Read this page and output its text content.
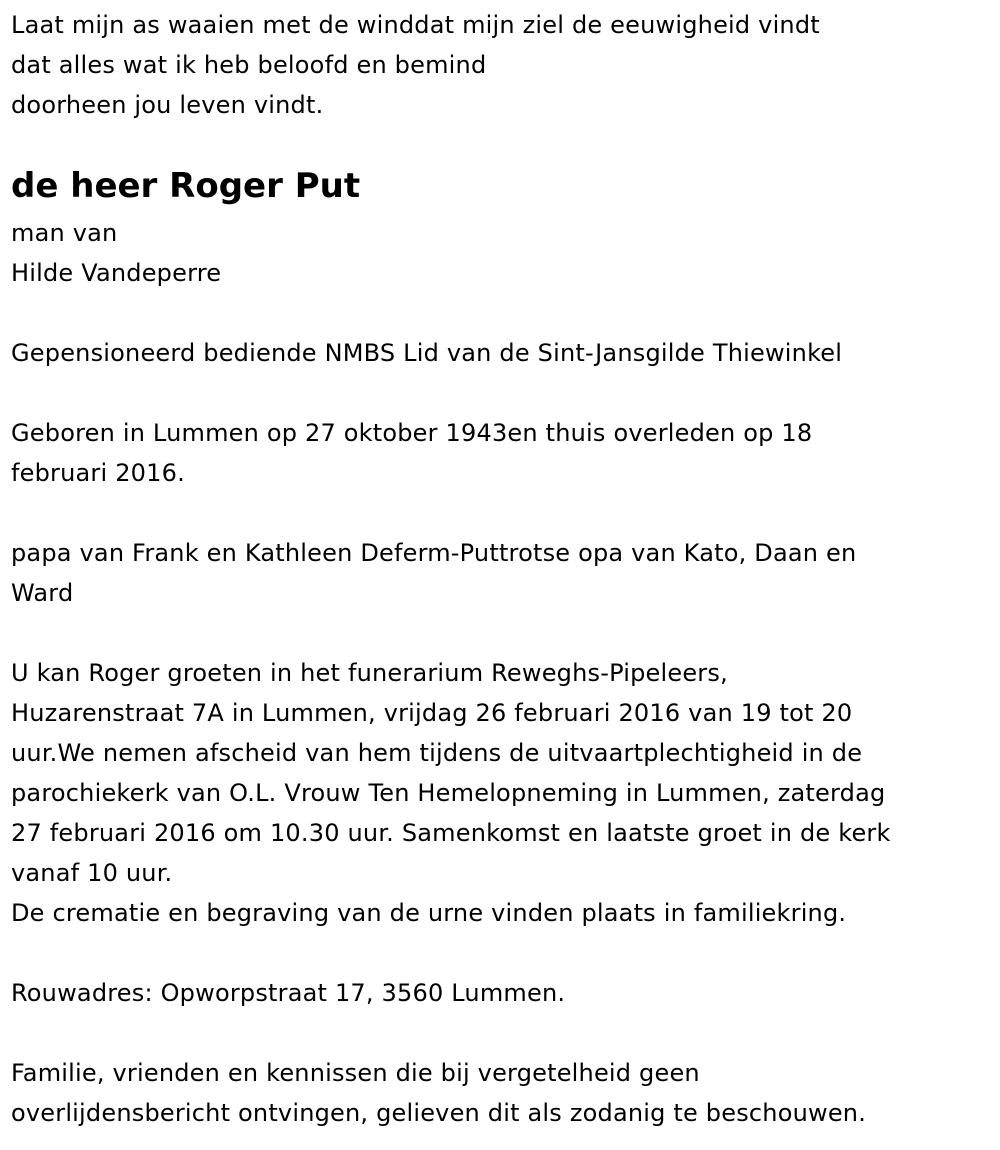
Laat mijn as waaien met de winddat mijn ziel de eeuwigheid vindt
dat alles wat ik heb beloofd en bemind
doorheen jou leven vindt.
de heer Roger Put
man van
Hilde Vandeperre
Gepensioneerd bediende NMBS Lid van de Sint-Jansgilde Thiewinkel
Geboren in Lummen op 27 oktober 1943en thuis overleden op 18
februari 2016.
papa van Frank en Kathleen Deferm-Puttrotse opa van Kato, Daan en
Ward
U kan Roger groeten in het funerarium Reweghs-Pipeleers,
Huzarenstraat 7A in Lummen, vrijdag 26 februari 2016 van 19 tot 20
uur.We nemen afscheid van hem tijdens de uitvaartplechtigheid in de
parochiekerk van O.L. Vrouw Ten Hemelopneming in Lummen, zaterdag
27 februari 2016 om 10.30 uur. Samenkomst en laatste groet in de kerk
vanaf 10 uur.
De crematie en begraving van de urne vinden plaats in familiekring.
Rouwadres: Opworpstraat 17, 3560 Lummen.
Familie, vrienden en kennissen die bij vergetelheid geen
overlijdensbericht ontvingen, gelieven dit als zodanig te beschouwen.
